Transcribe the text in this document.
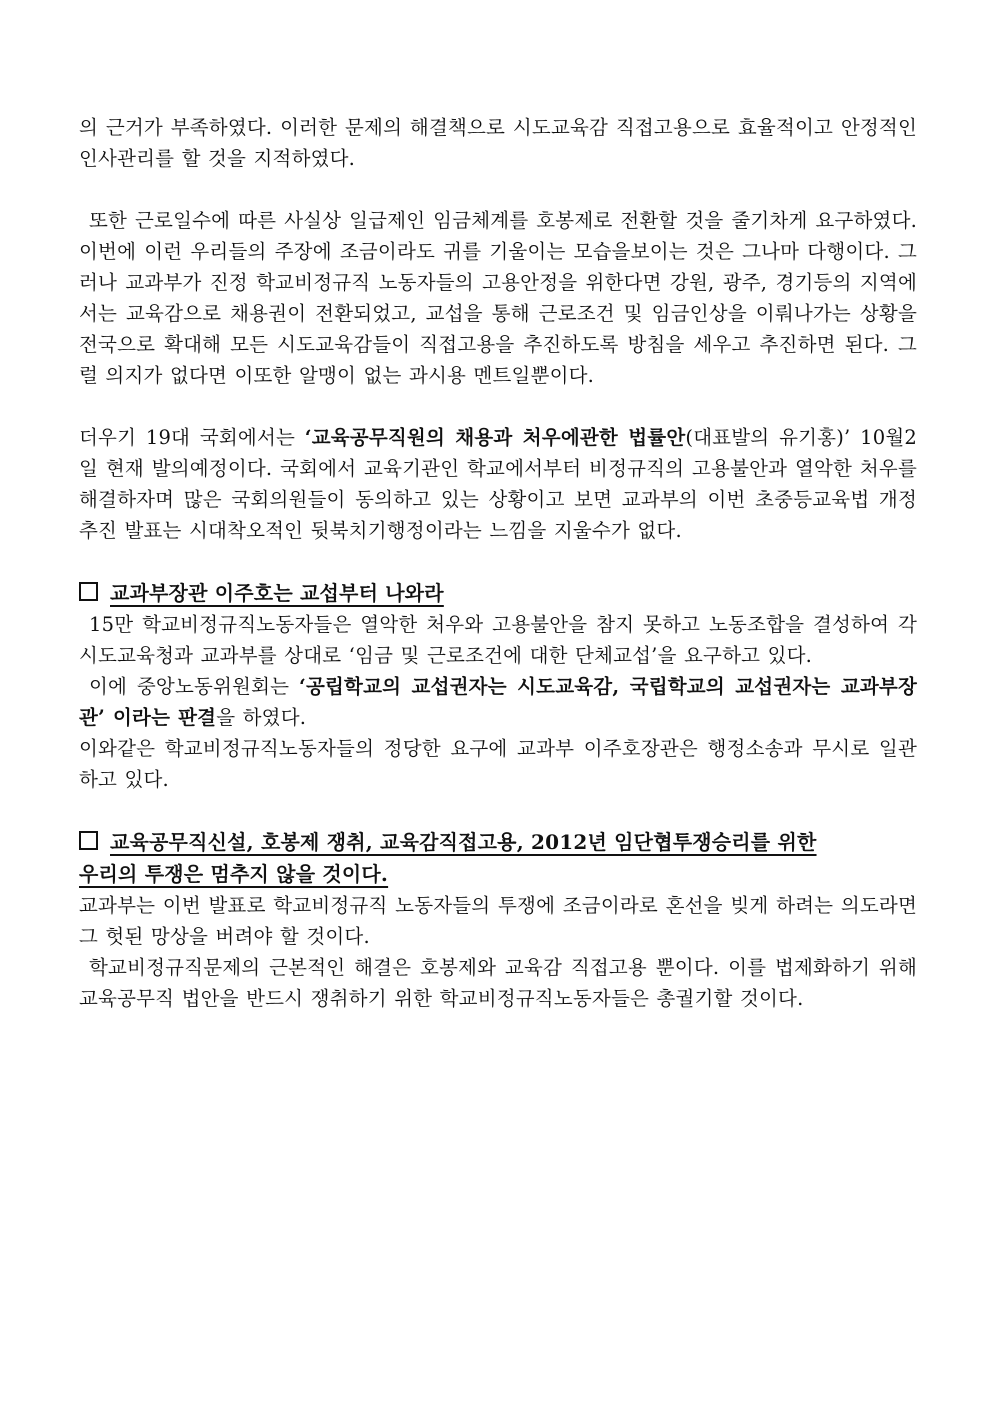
의 근거가 부족하였다. 이러한 문제의 해결책으로 시도교육감 직접고용으로 효율적이고 안정적인 인사관리를 할 것을 지적하였다.

또한 근로일수에 따른 사실상 일급제인 임금체계를 호봉제로 전환할 것을 줄기차게 요구하였다. 이번에 이런 우리들의 주장에 조금이라도 귀를 기울이는 모습을보이는 것은 그나마 다행이다. 그러나 교과부가 진정 학교비정규직 노동자들의 고용안정을 위한다면 강원, 광주, 경기등의 지역에서는 교육감으로 채용권이 전환되었고, 교섭을 통해 근로조건 및 임금인상을 이뤄나가는 상황을 전국으로 확대해 모든 시도교육감들이 직접고용을 추진하도록 방침을 세우고 추진하면 된다. 그럴 의지가 없다면 이또한 알맹이 없는 과시용 멘트일뿐이다.

더우기 19대 국회에서는 ‘교육공무직원의 채용과 처우에관한 법률안(대표발의 유기홍)’ 10월2일 현재 발의예정이다. 국회에서 교육기관인 학교에서부터 비정규직의 고용불안과 열악한 처우를 해결하자며 많은 국회의원들이 동의하고 있는 상황이고 보면 교과부의 이번 초중등교육법 개정 추진 발표는 시대착오적인 뒷북치기행정이라는 느낌을 지울수가 없다.

교과부장관 이주호는 교섭부터 나와라

15만 학교비정규직노동자들은 열악한 처우와 고용불안을 참지 못하고 노동조합을 결성하여 각 시도교육청과 교과부를 상대로 ‘임금 및 근로조건에 대한 단체교섭’을 요구하고 있다.

이에 중앙노동위원회는 ‘공립학교의 교섭권자는 시도교육감, 국립학교의 교섭권자는 교과부장관’ 이라는 판결을 하였다.

이와같은 학교비정규직노동자들의 정당한 요구에 교과부 이주호장관은 행정소송과 무시로 일관하고 있다.

교육공무직신설, 호봉제 쟁취, 교육감직접고용, 2012년 임단협투쟁승리를 위한
우리의 투쟁은 멈추지 않을 것이다.

교과부는 이번 발표로 학교비정규직 노동자들의 투쟁에 조금이라로 혼선을 빚게 하려는 의도라면 그 헛된 망상을 버려야 할 것이다.

학교비정규직문제의 근본적인 해결은 호봉제와 교육감 직접고용 뿐이다. 이를 법제화하기 위해 교육공무직 법안을 반드시 쟁취하기 위한 학교비정규직노동자들은 총궐기할 것이다.
